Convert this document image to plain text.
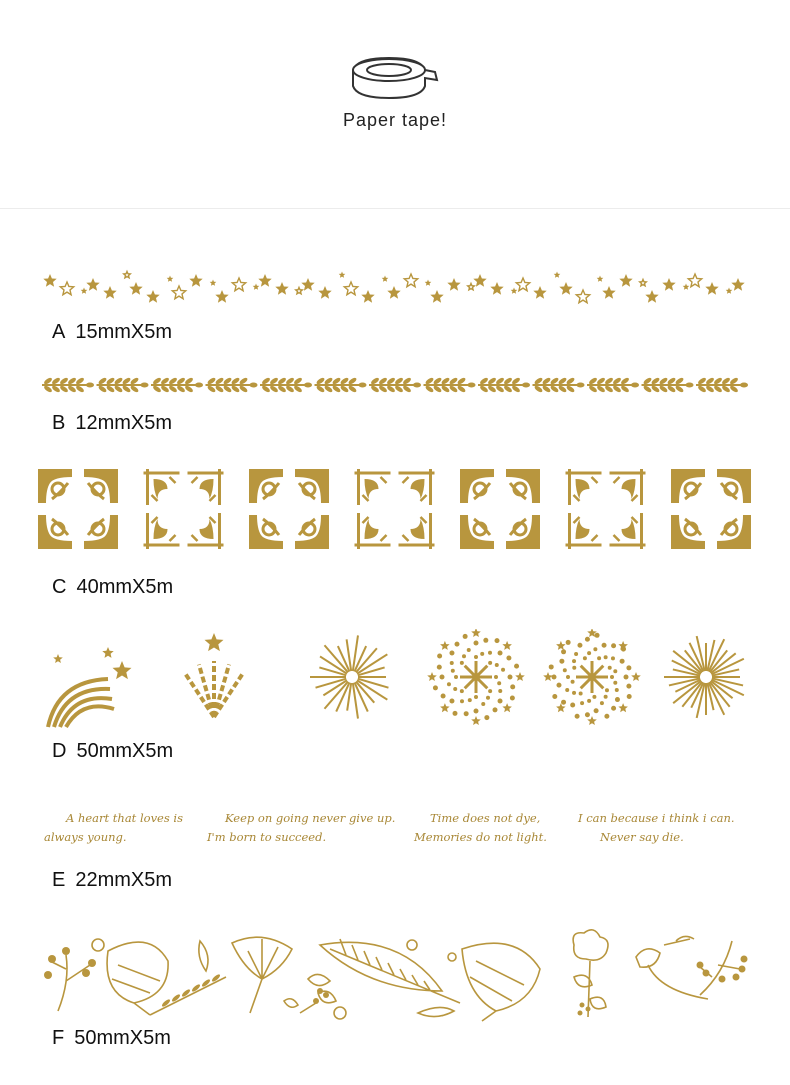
Paper tape!
A 15mmX5m
B 12mmX5m
C 40mmX5m
D 50mmX5m
A heart that loves is
always young.
Keep on going never give up.
I'm born to succeed.
Time does not dye,
Memories do not light.
I can because i think i can.
Never say die.
E 22mmX5m
F 50mmX5m
